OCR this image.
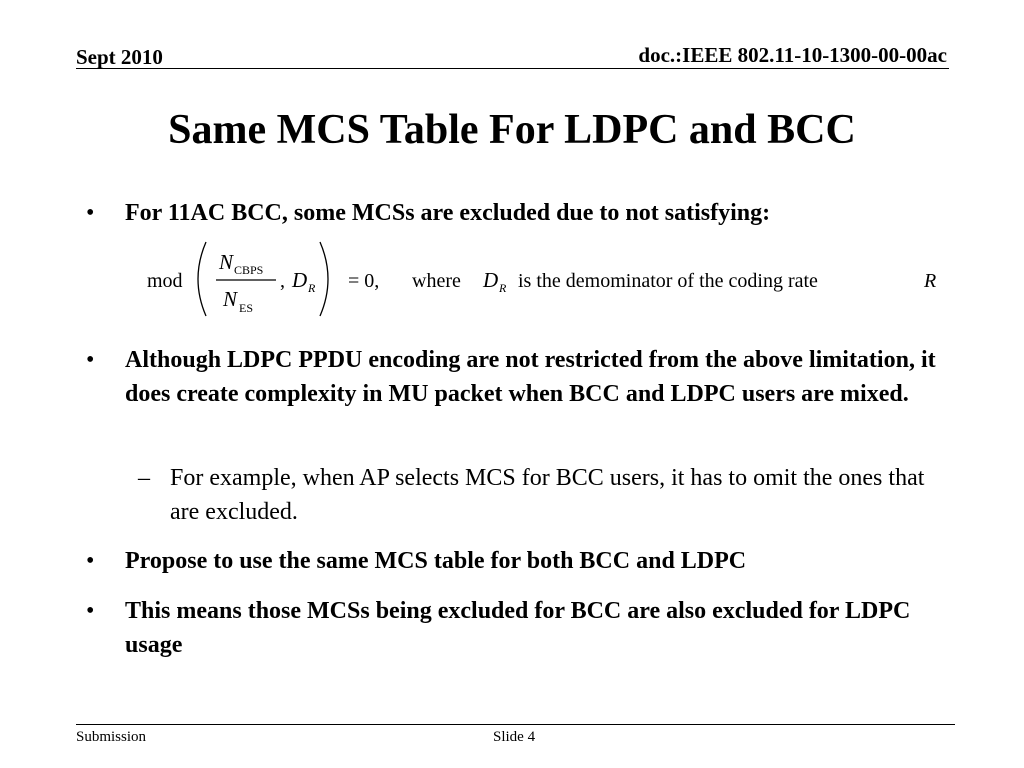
Sept 2010	doc.:IEEE 802.11-10-1300-00-00ac
Same MCS Table For LDPC and BCC
• For 11AC BCC, some MCSs are excluded due to not satisfying:
mod
N CBPS
N ES
, D R = 0, where D R is the demominator of the coding rate	R
• Although LDPC PPDU encoding are not restricted from the above limitation, it does create complexity in MU packet when BCC and LDPC users are mixed.
– For example, when AP selects MCS for BCC users, it has to omit the ones that are excluded.
• Propose to use the same MCS table for both BCC and LDPC
• This means those MCSs being excluded for BCC are also excluded for LDPC usage
Submission	Slide 4
